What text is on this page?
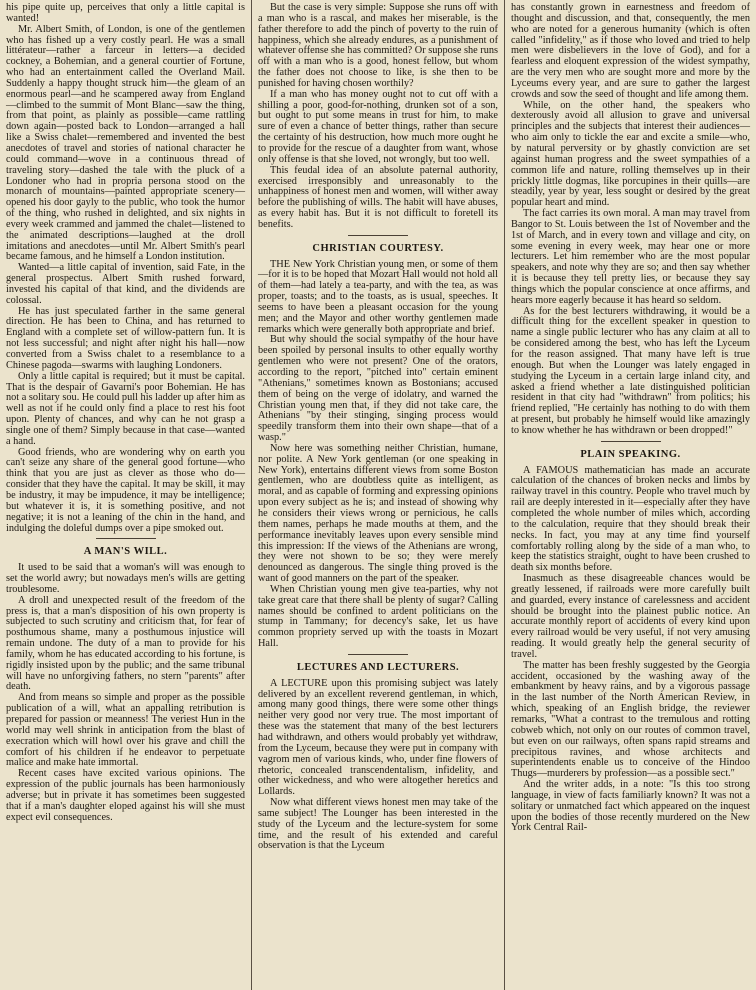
his pipe quite up, perceives that only a little capital is wanted!

Mr. Albert Smith, of London, is one of the gentlemen who has fished up a very costly pearl. He was a small littérateur—rather a farceur in letters—a decided cockney, a Bohemian, and a general courtier of Fortune, who had an entertainment called the Overland Mail. Suddenly a happy thought struck him—the gleam of an enormous pearl—and he scampered away from England—climbed to the summit of Mont Blanc—saw the thing, from that point, as plainly as possible—came rattling down again—posted back to London—arranged a hall like a Swiss chalet—remembered and invented the best anecdotes of travel and stories of national character he could command—wove in a continuous thread of traveling story—dashed the tale with the pluck of a Londoner who had in propria persona stood on the monarch of mountains—painted appropriate scenery—opened his door gayly to the public, who took the humor of the thing, who rushed in delighted, and six nights in every week crammed and jammed the chalet—listened to the animated descriptions—laughed at the droll imitations and anecdotes—until Mr. Albert Smith's pearl became famous, and he himself a London institution.

Wanted—a little capital of invention, said Fate, in the general prospectus. Albert Smith rushed forward, invested his capital of that kind, and the dividends are colossal.

He has just speculated farther in the same general direction. He has been to China, and has returned to England with a complete set of willow-pattern fun. It is not less successful; and night after night his hall—now converted from a Swiss chalet to a resemblance to a Chinese pagoda—swarms with laughing Londoners.

Only a little capital is required; but it must be capital. That is the despair of Gavarni's poor Bohemian. He has not a solitary sou. He could pull his ladder up after him as well as not if he could only find a place to rest his foot upon. Plenty of chances, and why can he not grasp a single one of them? Simply because in that case—wanted a hand.

Good friends, who are wondering why on earth you can't seize any share of the general good fortune—who think that you are just as clever as those who do—consider that they have the capital. It may be skill, it may be industry, it may be impudence, it may be intelligence; but whatever it is, it is something positive, and not negative; it is not a leaning of the chin in the hand, and indulging the doleful dumps over a pipe smoked out.

A MAN'S WILL.

It used to be said that a woman's will was enough to set the world awry; but nowadays men's wills are getting troublesome.

A droll and unexpected result of the freedom of the press is, that a man's disposition of his own property is subjected to such scrutiny and criticism that, for fear of posthumous shame, many a posthumous injustice will remain undone. The duty of a man to provide for his family, whom he has educated according to his fortune, is rigidly insisted upon by the public; and the same tribunal will have no unforgiving fathers, no stern "parents" after death.

And from means so simple and proper as the possible publication of a will, what an appalling retribution is prepared for passion or meanness! The veriest Hun in the world may well shrink in anticipation from the blast of execration which will howl over his grave and chill the comfort of his children if he endeavor to perpetuate malice and make hate immortal.

Recent cases have excited various opinions. The expression of the public journals has been harmoniously adverse; but in private it has sometimes been suggested that if a man's daughter eloped against his will she must expect evil consequences.

But the case is very simple: Suppose she runs off with a man who is a rascal, and makes her miserable, is the father therefore to add the pinch of poverty to the ruin of happiness, which she already endures, as a punishment of whatever offense she has committed? Or suppose she runs off with a man who is a good, honest fellow, but whom the father does not choose to like, is she then to be punished for having chosen worthily?

If a man who has money ought not to cut off with a shilling a poor, good-for-nothing, drunken sot of a son, but ought to put some means in trust for him, to make sure of even a chance of better things, rather than secure the certainty of his destruction, how much more ought he to provide for the rescue of a daughter from want, whose only offense is that she loved, not wrongly, but too well.

This feudal idea of an absolute paternal authority, exercised irresponsibly and unreasonably to the unhappiness of honest men and women, will wither away before the publishing of wills. The habit will have abuses, as every habit has. But it is not difficult to foretell its benefits.

CHRISTIAN COURTESY.

THE New York Christian young men, or some of them—for it is to be hoped that Mozart Hall would not hold all of them—had lately a tea-party, and with the tea, as was proper, toasts; and to the toasts, as is usual, speeches. It seems to have been a pleasant occasion for the young men; and the Mayor and other worthy gentlemen made remarks which were generally both appropriate and brief.

But why should the social sympathy of the hour have been spoiled by personal insults to other equally worthy gentlemen who were not present? One of the orators, according to the report, "pitched into" certain eminent "Athenians," sometimes known as Bostonians; accused them of being on the verge of idolatry, and warned the Christian young men that, if they did not take care, the Athenians "by their stinging, singing process would speedily transform them into their own shape—that of a wasp."

Now here was something neither Christian, humane, nor polite. A New York gentleman (or one speaking in New York), entertains different views from some Boston gentlemen, who are doubtless quite as intelligent, as moral, and as capable of forming and expressing opinions upon every subject as he is; and instead of showing why he considers their views wrong or pernicious, he calls them names, perhaps he made mouths at them, and the performance inevitably leaves upon every sensible mind this impression: If the views of the Athenians are wrong, they were not shown to be so; they were merely denounced as dangerous. The single thing proved is the want of good manners on the part of the speaker.

When Christian young men give tea-parties, why not take great care that there shall be plenty of sugar? Calling names should be confined to ardent politicians on the stump in Tammany; for decency's sake, let us have common propriety served up with the toasts in Mozart Hall.

LECTURES AND LECTURERS.

A LECTURE upon this promising subject was lately delivered by an excellent reverend gentleman, in which, among many good things, there were some other things neither very good nor very true. The most important of these was the statement that many of the best lecturers had withdrawn, and others would probably yet withdraw, from the Lyceum, because they were put in company with vagrom men of various kinds, who, under fine flowers of rhetoric, concealed transcendentalism, infidelity, and other wickedness, and who were altogether heretics and Lollards.

Now what different views honest men may take of the same subject! The Lounger has been interested in the study of the Lyceum and the lecture-system for some time, and the result of his extended and careful observation is that the Lyceum

has constantly grown in earnestness and freedom of thought and discussion, and that, consequently, the men who are noted for a generous humanity (which is often called "infidelity," as if those who loved and tried to help men were disbelievers in the love of God), and for a fearless and eloquent expression of the widest sympathy, are the very men who are sought more and more by the Lyceums every year, and are sure to gather the largest crowds and sow the seed of thought and life among them.

While, on the other hand, the speakers who dexterously avoid all allusion to grave and universal principles and the subjects that interest their audiences—who aim only to tickle the ear and excite a smile—who, by natural perversity or by ghastly conviction are set against human progress and the sweet sympathies of a common life and nature, rolling themselves up in their prickly little dogmas, like porcupines in their quills—are steadily, year by year, less sought or desired by the great popular heart and mind.

The fact carries its own moral. A man may travel from Bangor to St. Louis between the 1st of November and the 1st of March, and in every town and village and city, on some evening in every week, may hear one or more lecturers. Let him remember who are the most popular speakers, and note why they are so; and then say whether it is because they tell pretty lies, or because they say things which the popular conscience at once affirms, and hears more eagerly because it has heard so seldom.

As for the best lecturers withdrawing, it would be a difficult thing for the excellent speaker in question to name a single public lecturer who has any claim at all to be considered among the best, who has left the Lyceum for the reason assigned. That many have left is true enough. But when the Lounger was lately engaged in studying the Lyceum in a certain large inland city, and asked a friend whether a late distinguished politician resident in that city had "withdrawn" from politics; his friend replied, "He certainly has nothing to do with them at present, but probably he himself would like amazingly to know whether he has withdrawn or been dropped!"

PLAIN SPEAKING.

A FAMOUS mathematician has made an accurate calculation of the chances of broken necks and limbs by railway travel in this country. People who travel much by rail are deeply interested in it—especially after they have completed the whole number of miles which, according to the calculation, require that they should break their necks. In fact, you may at any time find yourself comfortably rolling along by the side of a man who, to keep the statistics straight, ought to have been crushed to death six months before.

Inasmuch as these disagreeable chances would be greatly lessened, if railroads were more carefully built and guarded, every instance of carelessness and accident should be brought into the plainest public notice. An accurate monthly report of accidents of every kind upon every railroad would be very useful, if not very amusing reading. It would greatly help the general security of travel.

The matter has been freshly suggested by the Georgia accident, occasioned by the washing away of the embankment by heavy rains, and by a vigorous passage in the last number of the North American Review, in which, speaking of an English bridge, the reviewer remarks, "What a contrast to the tremulous and rotting cobweb which, not only on our routes of common travel, but even on our railways, often spans rapid streams and precipitous ravines, and whose architects and superintendents enable us to conceive of the Hindoo Thugs—murderers by profession—as a possible sect."

And the writer adds, in a note: "Is this too strong language, in view of facts familiarly known? It was not a solitary or unmatched fact which appeared on the inquest upon the bodies of those recently murdered on the New York Central Rail-
